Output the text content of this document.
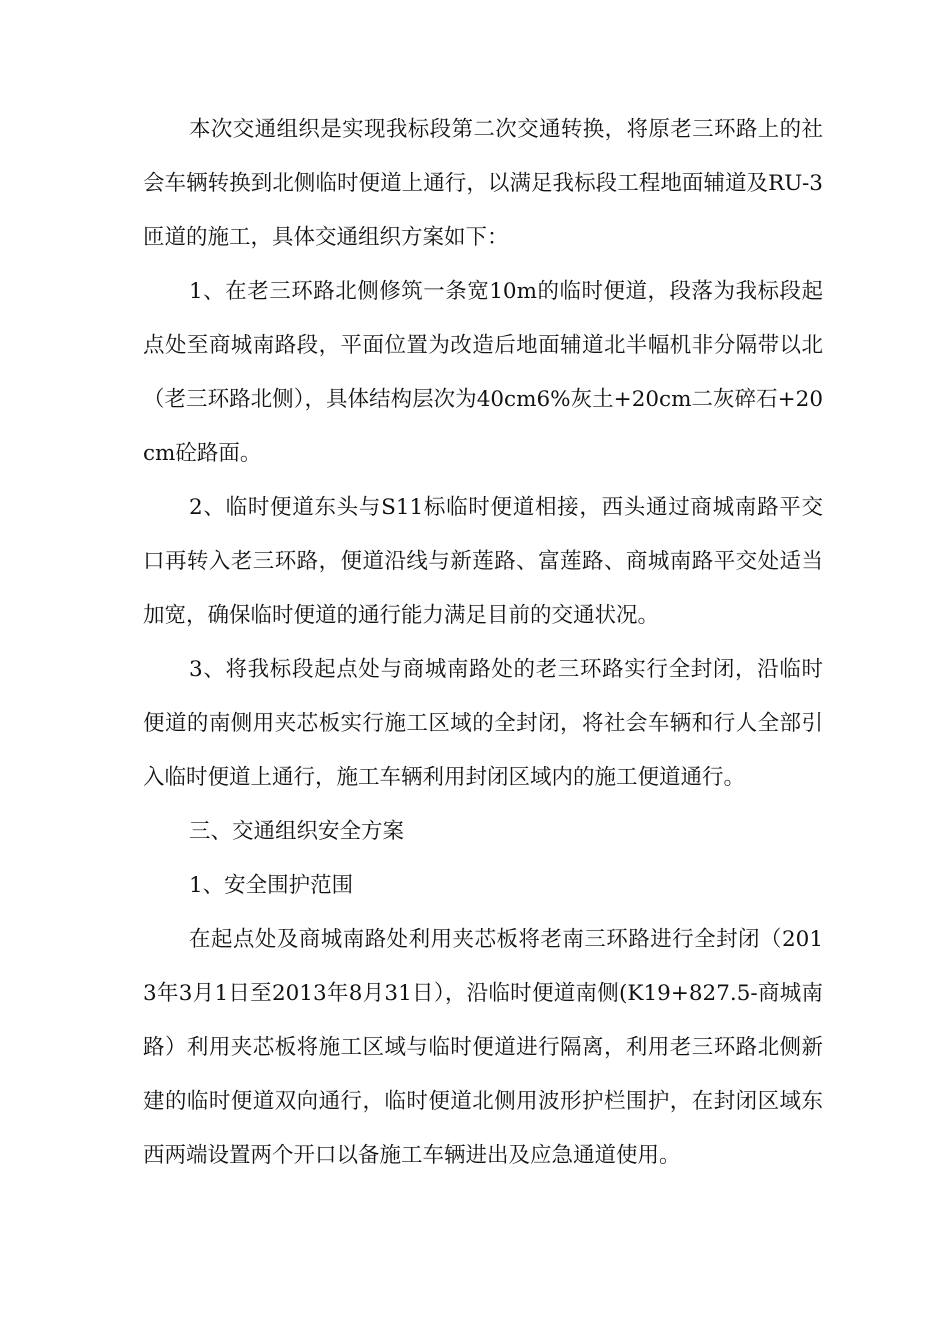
本次交通组织是实现我标段第二次交通转换，将原老三环路上的社会车辆转换到北侧临时便道上通行，以满足我标段工程地面辅道及RU-3匝道的施工，具体交通组织方案如下：

1、在老三环路北侧修筑一条宽10m的临时便道，段落为我标段起点处至商城南路段，平面位置为改造后地面辅道北半幅机非分隔带以北（老三环路北侧），具体结构层次为40cm6%灰土+20cm二灰碎石+20cm砼路面。

2、临时便道东头与S11标临时便道相接，西头通过商城南路平交口再转入老三环路，便道沿线与新莲路、富莲路、商城南路平交处适当加宽，确保临时便道的通行能力满足目前的交通状况。

3、将我标段起点处与商城南路处的老三环路实行全封闭，沿临时便道的南侧用夹芯板实行施工区域的全封闭，将社会车辆和行人全部引入临时便道上通行，施工车辆利用封闭区域内的施工便道通行。

三、交通组织安全方案

1、安全围护范围

在起点处及商城南路处利用夹芯板将老南三环路进行全封闭（2013年3月1日至2013年8月31日），沿临时便道南侧(K19+827.5-商城南路）利用夹芯板将施工区域与临时便道进行隔离，利用老三环路北侧新建的临时便道双向通行，临时便道北侧用波形护栏围护，在封闭区域东西两端设置两个开口以备施工车辆进出及应急通道使用。
